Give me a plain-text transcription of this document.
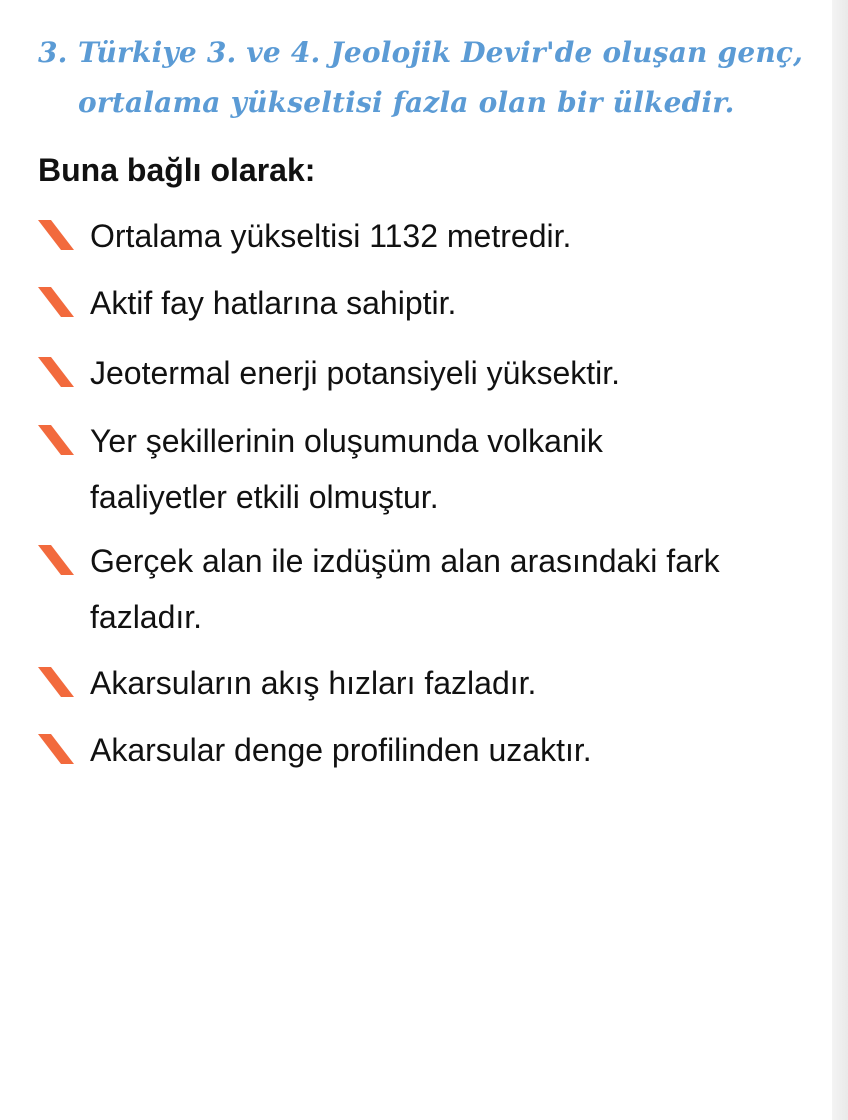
3. Türkiye 3. ve 4. Jeolojik Devir'de oluşan genç,
ortalama yükseltisi fazla olan bir ülkedir.

Buna bağlı olarak:

Ortalama yükseltisi 1132 metredir.
Aktif fay hatlarına sahiptir.
Jeotermal enerji potansiyeli yüksektir.
Yer şekillerinin oluşumunda volkanik faaliyetler etkili olmuştur.
Gerçek alan ile izdüşüm alan arasındaki fark fazladır.
Akarsuların akış hızları fazladır.
Akarsular denge profilinden uzaktır.
